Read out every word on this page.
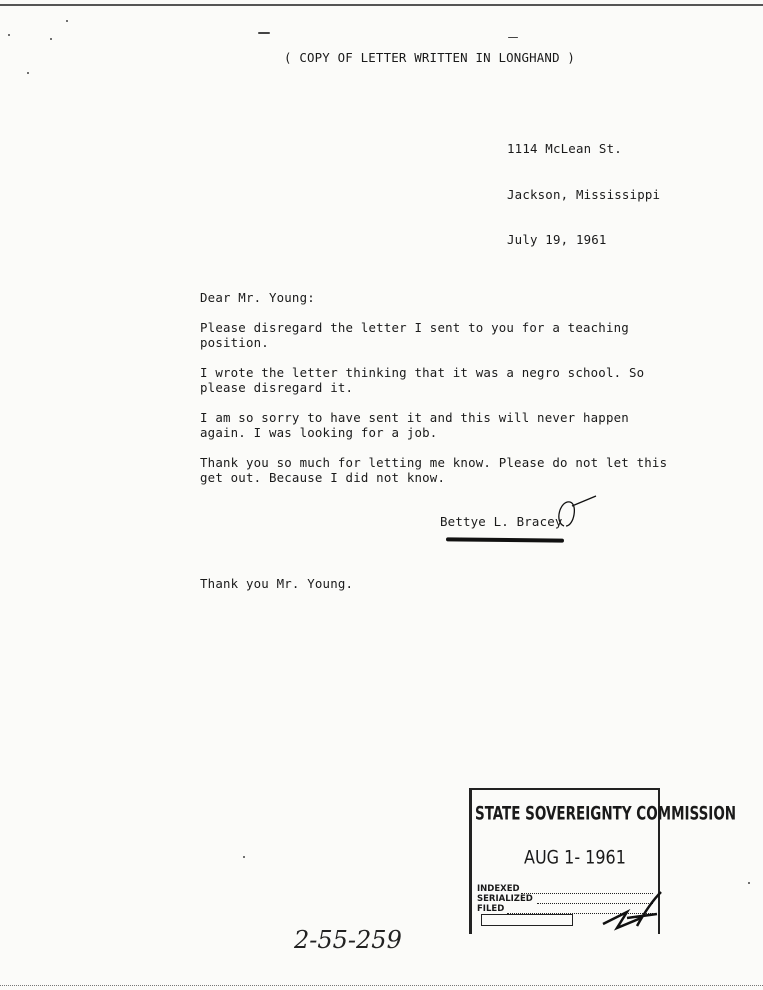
( COPY OF LETTER WRITTEN IN LONGHAND )

1114 McLean St.

Jackson, Mississippi

July 19, 1961

Dear Mr. Young:
Please disregard the letter I sent to you for a teaching
position.
I wrote the letter thinking that it was a negro school. So
please disregard it.
I am so sorry to have sent it and this will never happen
again. I was looking for a job.
Thank you so much for letting me know. Please do not let this
get out. Because I did not know.
Bettye L. Bracey
Thank you Mr. Young.
STATE SOVEREIGNTY COMMISSION
AUG 1- 1961
INDEXED
SERIALIZED
FILED
2-55-259
